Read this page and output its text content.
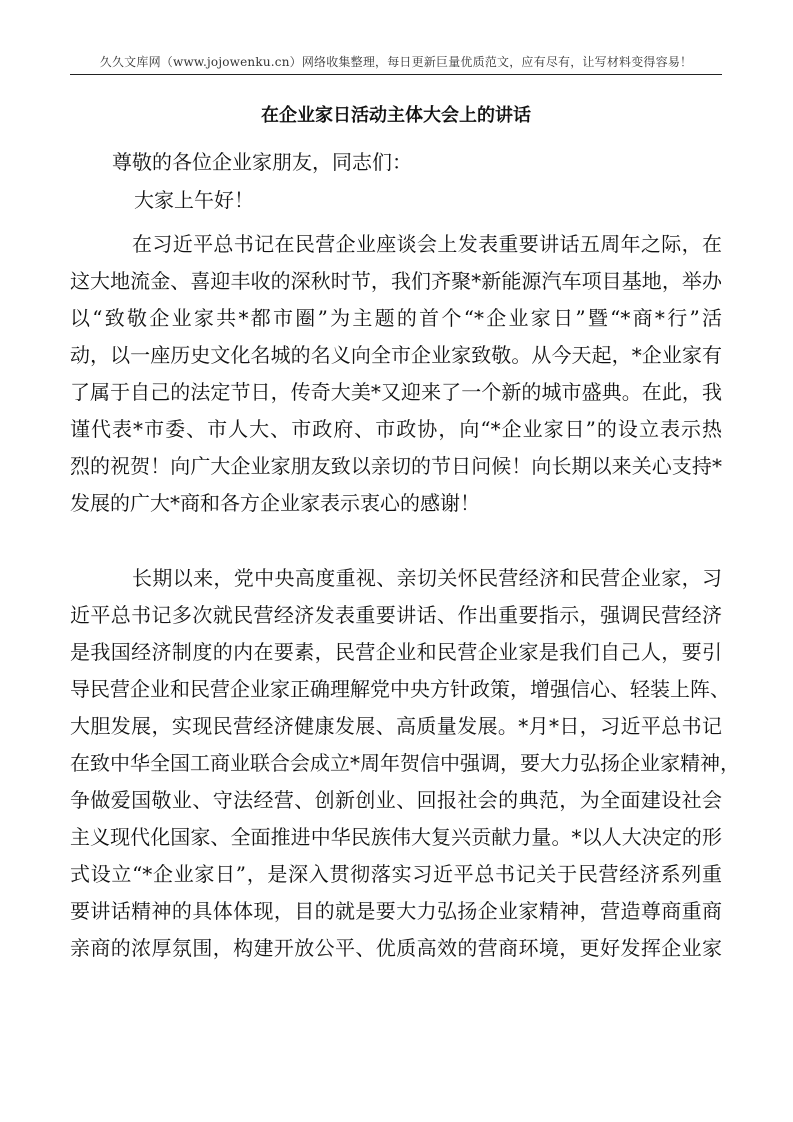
久久文库网（www.jojowenku.cn）网络收集整理，每日更新巨量优质范文，应有尽有，让写材料变得容易！
在企业家日活动主体大会上的讲话
尊敬的各位企业家朋友，同志们：
大家上午好！
在习近平总书记在民营企业座谈会上发表重要讲话五周年之际，在
这大地流金、喜迎丰收的深秋时节，我们齐聚*新能源汽车项目基地，举办
以“致敬企业家共*都市圈”为主题的首个“*企业家日”暨“*商*行”活
动，以一座历史文化名城的名义向全市企业家致敬。从今天起，*企业家有
了属于自己的法定节日，传奇大美*又迎来了一个新的城市盛典。在此，我
谨代表*市委、市人大、市政府、市政协，向“*企业家日”的设立表示热
烈的祝贺！向广大企业家朋友致以亲切的节日问候！向长期以来关心支持*
发展的广大*商和各方企业家表示衷心的感谢！
长期以来，党中央高度重视、亲切关怀民营经济和民营企业家，习
近平总书记多次就民营经济发表重要讲话、作出重要指示，强调民营经济
是我国经济制度的内在要素，民营企业和民营企业家是我们自己人，要引
导民营企业和民营企业家正确理解党中央方针政策，增强信心、轻装上阵、
大胆发展，实现民营经济健康发展、高质量发展。*月*日，习近平总书记
在致中华全国工商业联合会成立*周年贺信中强调，要大力弘扬企业家精神，
争做爱国敬业、守法经营、创新创业、回报社会的典范，为全面建设社会
主义现代化国家、全面推进中华民族伟大复兴贡献力量。*以人大决定的形
式设立“*企业家日”，是深入贯彻落实习近平总书记关于民营经济系列重
要讲话精神的具体体现，目的就是要大力弘扬企业家精神，营造尊商重商
亲商的浓厚氛围，构建开放公平、优质高效的营商环境，更好发挥企业家
